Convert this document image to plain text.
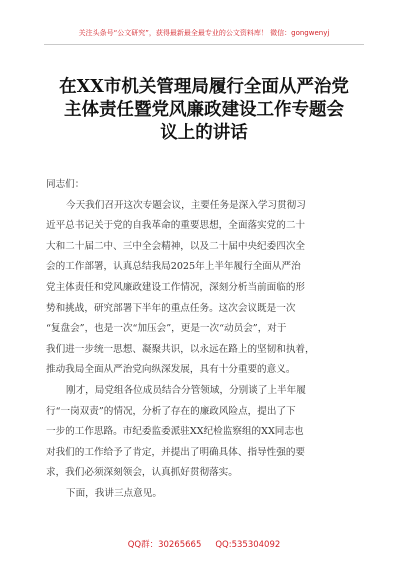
关注头条号“公文研究”，获得最新最全最专业的公文资料库！ 微信：gongwenyj
在XX市机关管理局履行全面从严治党
主体责任暨党风廉政建设工作专题会
议上的讲话

同志们：

今天我们召开这次专题会议，主要任务是深入学习贯彻习
近平总书记关于党的自我革命的重要思想，全面落实党的二十
大和二十届二中、三中全会精神，以及二十届中央纪委四次全
会的工作部署，认真总结我局2025年上半年履行全面从严治
党主体责任和党风廉政建设工作情况，深刻分析当前面临的形
势和挑战，研究部署下半年的重点任务。这次会议既是一次
“复盘会”，也是一次“加压会”，更是一次“动员会”，对于
我们进一步统一思想、凝聚共识，以永远在路上的坚韧和执着，
推动我局全面从严治党向纵深发展，具有十分重要的意义。

刚才，局党组各位成员结合分管领域，分别谈了上半年履
行“一岗双责”的情况，分析了存在的廉政风险点，提出了下
一步的工作思路。市纪委监委派驻XX纪检监察组的XX同志也
对我们的工作给予了肯定，并提出了明确具体、指导性强的要
求，我们必须深刻领会，认真抓好贯彻落实。

下面，我讲三点意见。

QQ群：30265665 QQ:535304092
